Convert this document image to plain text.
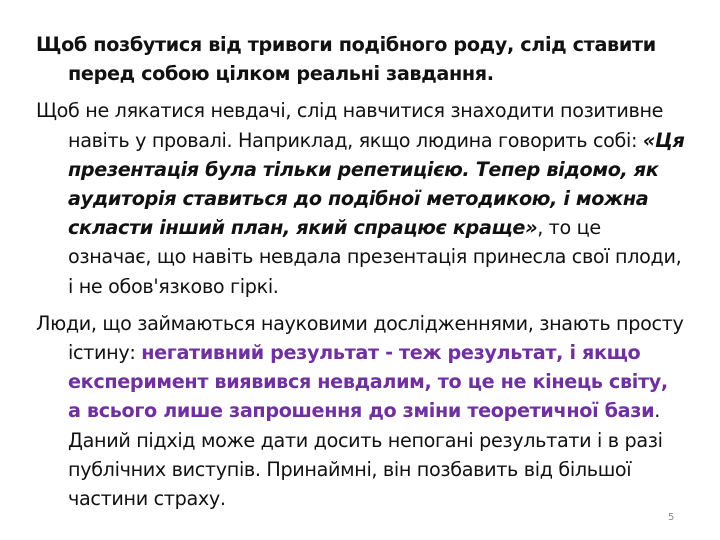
Щоб позбутися від тривоги подібного роду, слід ставити перед собою цілком реальні завдання.

Щоб не лякатися невдачі, слід навчитися знаходити позитивне навіть у провалі. Наприклад, якщо людина говорить собі: «Ця презентація була тільки репетицією. Тепер відомо, як аудиторія ставиться до подібної методикою, і можна скласти інший план, який спрацює краще», то це означає, що навіть невдала презентація принесла свої плоди, і не обов'язково гіркі.

Люди, що займаються науковими дослідженнями, знають просту істину: негативний результат - теж результат, і якщо експеримент виявився невдалим, то це не кінець світу, а всього лише запрошення до зміни теоретичної бази. Даний підхід може дати досить непогані результати і в разі публічних виступів. Принаймні, він позбавить від більшої частини страху.

5
